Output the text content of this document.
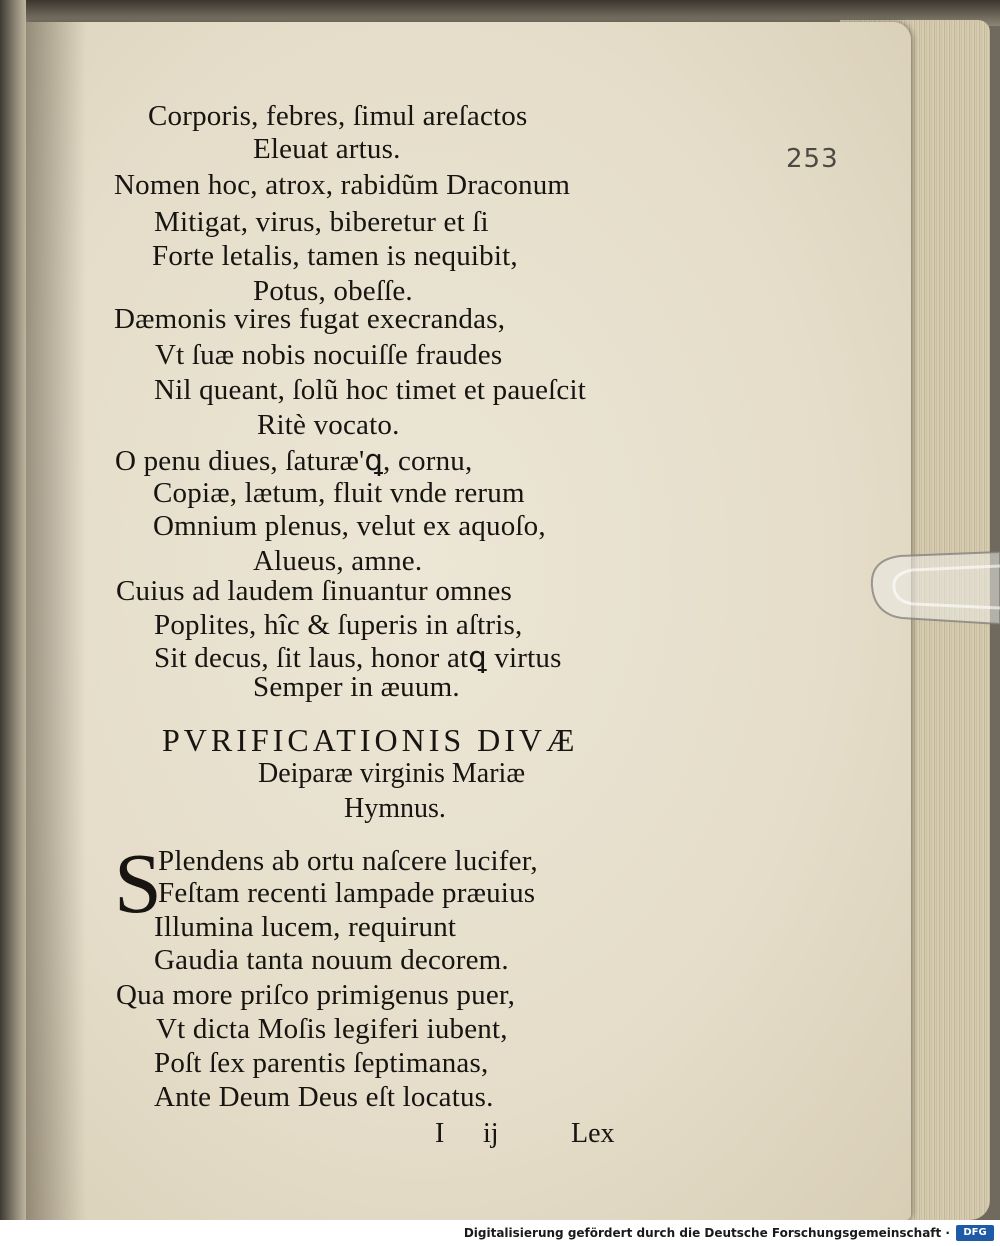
253
Corporis, febres, ſimul areſactos
Eleuat artus.
Nomen hoc, atrox, rabidũm Draconum
Mitigat, virus, biberetur et ſi
Forte letalis, tamen is nequibit,
Potus, obeſſe.
Dæmonis vires fugat execrandas,
Vt ſuæ nobis nocuiſſe fraudes
Nil queant, ſolũ hoc timet et paueſcit
Ritè vocato.
O penu diues, ſaturæ'ꝗ, cornu,
Copiæ, lætum, fluit vnde rerum
Omnium plenus, velut ex aquoſo,
Alueus, amne.
Cuius ad laudem ſinuantur omnes
Poplites, hîc & ſuperis in aſtris,
Sit decus, ſit laus, honor atꝗ virtus
Semper in æuum.
PVRIFICATIONIS DIVÆ
Deiparæ virginis Mariæ
Hymnus.
S
Plendens ab ortu naſcere lucifer,
Feſtam recenti lampade præuius
Illumina lucem, requirunt
Gaudia tanta nouum decorem.
Qua more priſco primigenus puer,
Vt dicta Moſis legiferi iubent,
Poſt ſex parentis ſeptimanas,
Ante Deum Deus eſt locatus.
I ij	Lex
Digitalisierung gefördert durch die Deutsche Forschungsgemeinschaft ·	DFG
